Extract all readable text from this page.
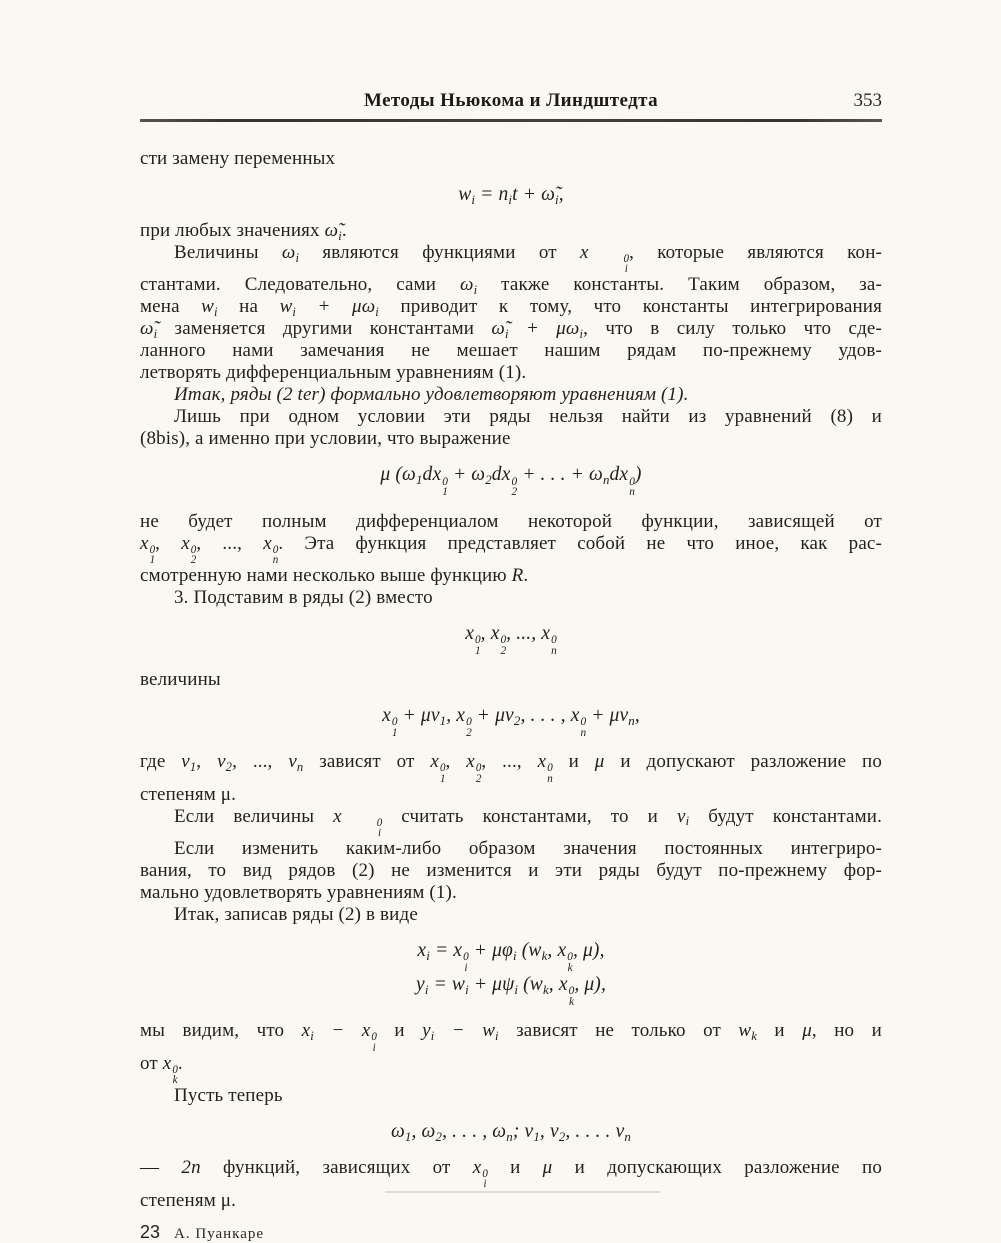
Методы Ньюкома и Линдштедта	353
сти замену переменных
$w_i = n_it$ + $\omegã_i$,
при любых значениях $\omegã_i$.
Величины $\omega_i$ являются функциями от x	0
i
, которые являются кон-
стантами. Следовательно, сами $\omega_i$ также константы. Таким образом, за-
мена $w_i$ на $w_i + \mu\omega_i$ приводит к тому, что константы интегрирования
$\omegã_i$ заменяется другими константами $\omegã_i + \mu\omega_i$, что в силу только что сде-
ланного нами замечания не мешает нашим рядам по-прежнему удов-
летворять дифференциальным уравнениям (1).
Итак, ряды (2 ter) формально удовлетворяют уравнениям (1).
Лишь при одном условии эти ряды нельзя найти из уравнений (8) и
(8bis), а именно при условии, что выражение
μ ($\omega_1dx$ 0
1
+ $\omega_2dx$ 0
2
+ . . . + $\omega_ndx$ 0
n
)
не будет полным дифференциалом некоторой функции, зависящей от
x 0
1
, x 0
2
, ..., x 0
n
. Эта функция представляет собой не что иное, как рас-
смотренную нами несколько выше функцию R.
3. Подставим в ряды (2) вместо
x 0
1
, x 0
2
, ..., x 0
n
величины
x 0
1
+ $\mu\nu_1$, x 0
2
+ $\mu\nu_2$, . . . , x 0
n
+ $\mu\nu_n$,
где $\nu_1$, $\nu_2$, ..., $\nu_n$ зависят от x 0
1
, x 0
2
, ..., x 0
n
и μ и допускают разложение по
степеням μ.
Если величины x	0
i
считать константами, то и $\nu_i$ будут константами.
Если изменить каким-либо образом значения постоянных интегриро-
вания, то вид рядов (2) не изменится и эти ряды будут по-прежнему фор-
мально удовлетворять уравнениям (1).
Итак, записав ряды (2) в виде
$x_i = x$ 0
i
+ $\mu\varphi_i$ ($w_k$, x 0
k
, μ),
$y_i = w_i + \mu\psi_i$ ($w_k$, x 0
k
, μ),
мы видим, что $x_i - x$ 0
i
и $y_i - w_i$ зависят не только от $w_k$ и μ, но и
от x 0
k
.
Пусть теперь
$\omega_1$, $\omega_2$, . . . , $\omega_n$; $\nu_1$, $\nu_2$, . . . . $\nu_n$
— 2n функций, зависящих от x 0
i
и μ и допускающих разложение по
степеням μ.
23 А. Пуанкаре
